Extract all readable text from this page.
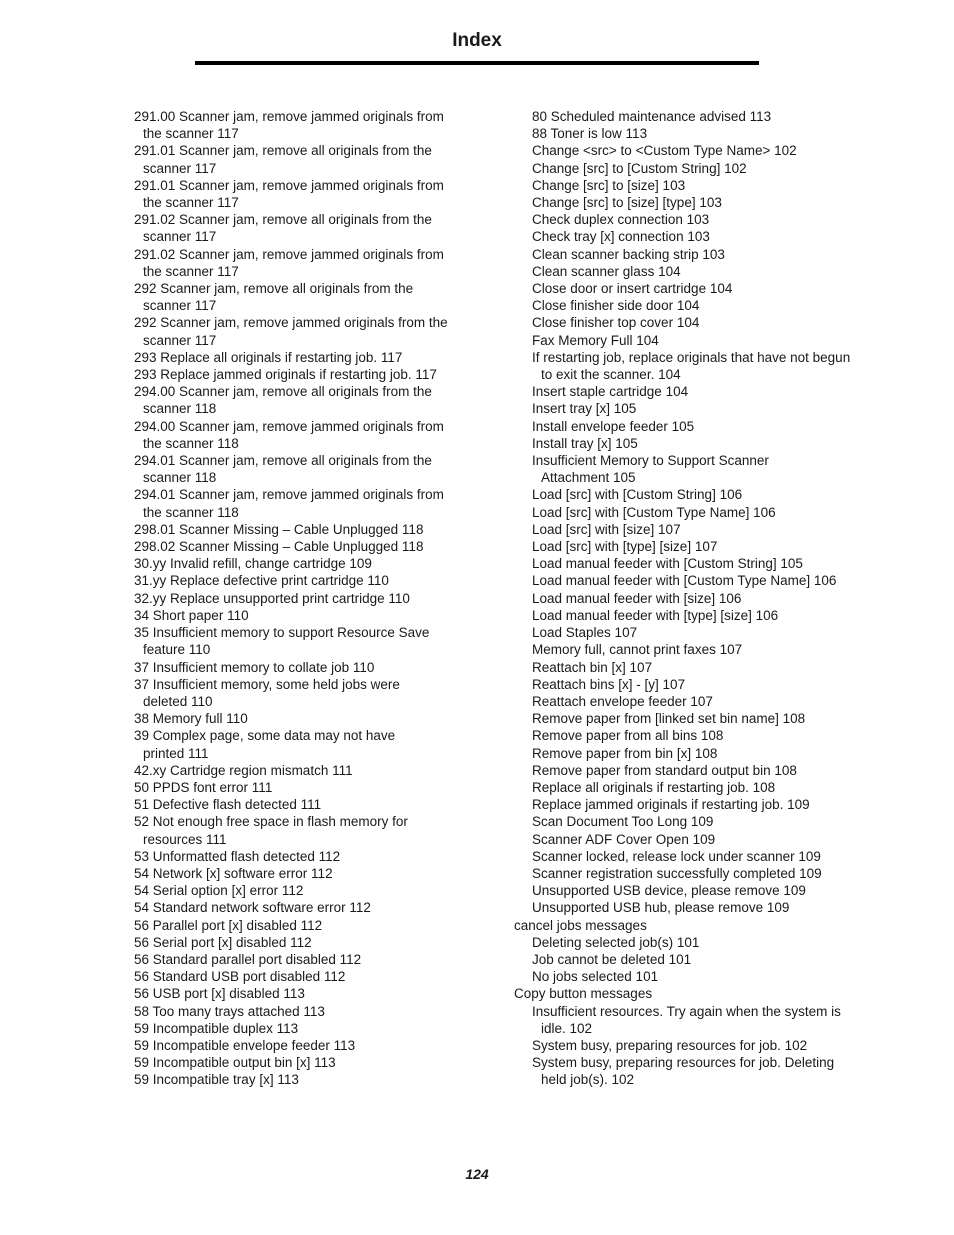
Index
291.00 Scanner jam, remove jammed originals from
the scanner 117
291.01 Scanner jam, remove all originals from the
scanner 117
291.01 Scanner jam, remove jammed originals from
the scanner 117
291.02 Scanner jam, remove all originals from the
scanner 117
291.02 Scanner jam, remove jammed originals from
the scanner 117
292 Scanner jam, remove all originals from the
scanner 117
292 Scanner jam, remove jammed originals from the
scanner 117
293 Replace all originals if restarting job. 117
293 Replace jammed originals if restarting job. 117
294.00 Scanner jam, remove all originals from the
scanner 118
294.00 Scanner jam, remove jammed originals from
the scanner 118
294.01 Scanner jam, remove all originals from the
scanner 118
294.01 Scanner jam, remove jammed originals from
the scanner 118
298.01 Scanner Missing – Cable Unplugged 118
298.02 Scanner Missing – Cable Unplugged 118
30.yy Invalid refill, change cartridge 109
31.yy Replace defective print cartridge 110
32.yy Replace unsupported print cartridge 110
34 Short paper 110
35 Insufficient memory to support Resource Save
feature 110
37 Insufficient memory to collate job 110
37 Insufficient memory, some held jobs were
deleted 110
38 Memory full 110
39 Complex page, some data may not have
printed 111
42.xy Cartridge region mismatch 111
50 PPDS font error 111
51 Defective flash detected 111
52 Not enough free space in flash memory for
resources 111
53 Unformatted flash detected 112
54 Network [x] software error 112
54 Serial option [x] error 112
54 Standard network software error 112
56 Parallel port [x] disabled 112
56 Serial port [x] disabled 112
56 Standard parallel port disabled 112
56 Standard USB port disabled 112
56 USB port [x] disabled 113
58 Too many trays attached 113
59 Incompatible duplex 113
59 Incompatible envelope feeder 113
59 Incompatible output bin [x] 113
59 Incompatible tray [x] 113
80 Scheduled maintenance advised 113
88 Toner is low 113
Change <src> to <Custom Type Name> 102
Change [src] to [Custom String] 102
Change [src] to [size] 103
Change [src] to [size] [type] 103
Check duplex connection 103
Check tray [x] connection 103
Clean scanner backing strip 103
Clean scanner glass 104
Close door or insert cartridge 104
Close finisher side door 104
Close finisher top cover 104
Fax Memory Full 104
If restarting job, replace originals that have not begun
to exit the scanner. 104
Insert staple cartridge 104
Insert tray [x] 105
Install envelope feeder 105
Install tray [x] 105
Insufficient Memory to Support Scanner
Attachment 105
Load [src] with [Custom String] 106
Load [src] with [Custom Type Name] 106
Load [src] with [size] 107
Load [src] with [type] [size] 107
Load manual feeder with [Custom String] 105
Load manual feeder with [Custom Type Name] 106
Load manual feeder with [size] 106
Load manual feeder with [type] [size] 106
Load Staples 107
Memory full, cannot print faxes 107
Reattach bin [x] 107
Reattach bins [x] - [y] 107
Reattach envelope feeder 107
Remove paper from [linked set bin name] 108
Remove paper from all bins 108
Remove paper from bin [x] 108
Remove paper from standard output bin 108
Replace all originals if restarting job. 108
Replace jammed originals if restarting job. 109
Scan Document Too Long 109
Scanner ADF Cover Open 109
Scanner locked, release lock under scanner 109
Scanner registration successfully completed 109
Unsupported USB device, please remove 109
Unsupported USB hub, please remove 109
cancel jobs messages
Deleting selected job(s) 101
Job cannot be deleted 101
No jobs selected 101
Copy button messages
Insufficient resources. Try again when the system is
idle. 102
System busy, preparing resources for job. 102
System busy, preparing resources for job. Deleting
held job(s). 102
124
